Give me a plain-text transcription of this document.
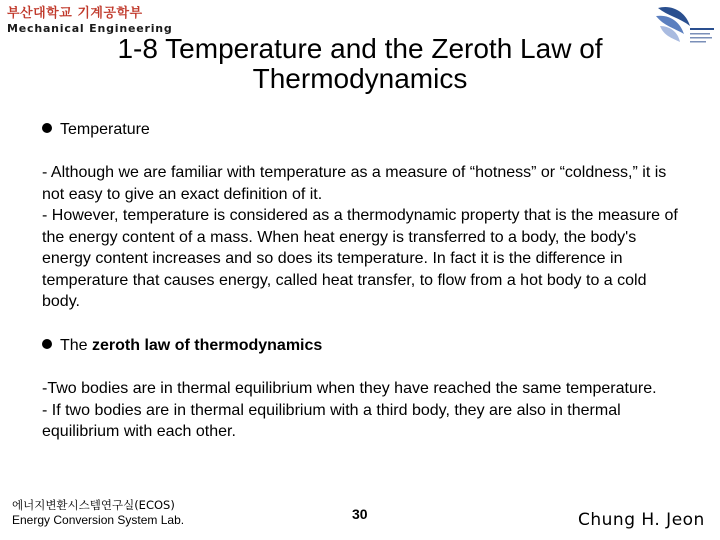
부산대학교 기계공학부
Mechanical Engineering
1-8 Temperature and the Zeroth Law of
Thermodynamics
Temperature

- Although we are familiar with temperature as a measure of “hotness” or “coldness,” it is not easy to give an exact definition of it.

- However, temperature is considered as a thermodynamic property that is the measure of the energy content of a mass. When heat energy is transferred to a body, the body's energy content increases and so does its temperature. In fact it is the difference in temperature that causes energy, called heat transfer, to flow from a hot body to a cold body.

The zeroth law of thermodynamics

-Two bodies are in thermal equilibrium when they have reached the same temperature.

- If two bodies are in thermal equilibrium with a third body, they are also in thermal equilibrium with each other.

에너지변환시스템연구실(ECOS)
Energy Conversion System Lab.	30	Chung H. Jeon
